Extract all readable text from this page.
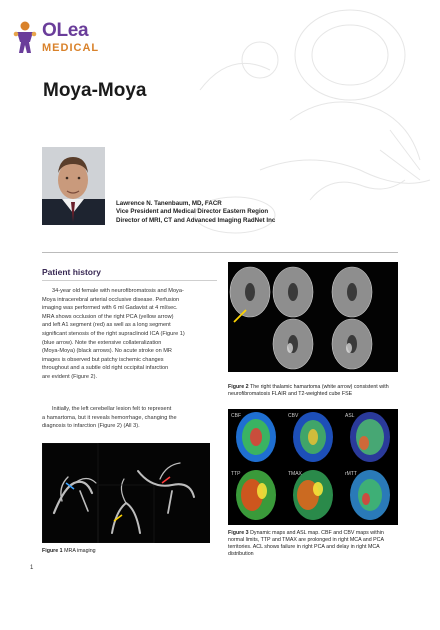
OLea
MEDICAL
Moya-Moya
Lawrence N. Tanenbaum, MD, FACR
Vice President and Medical Director Eastern Region
Director of MRI, CT and Advanced Imaging RadNet Inc
Patient history

34-year old female with neurofibromatosis and Moya-
Moya intracerebral arterial occlusive disease. Perfusion
imaging was performed with 6 ml Gadavist at 4 ml/sec.
MRA shows occlusion of the right PCA (yellow arrow)
and left A1 segment (red) as well as a long segment
significant stenosis of the right supraclinoid ICA (Figure 1)
(blue arrow). Note the extensive collateralization
(Moya-Moya) (black arrows). No acute stroke on MR
images is observed but patchy ischemic changes
throughout and a subtle old right occipital infarction
are evident (Figure 2).

Initially, the left cerebellar lesion felt to represent
a hamartoma, but it reveals hemorrhage, changing the
diagnosis to infarction (Figure 2) (All 3).

Figure 1 MRA imaging
Figure 2 The right thalamic hamartoma (white arrow) consistent with
neurofibromatosis FLAIR and T2-weighted cube FSE
CBF	CBV	ASL
TTP	TMAX	rMTT
Figure 3 Dynamic maps and ASL map. CBF and CBV maps within
normal limits, TTP and TMAX are prolonged in right MCA and PCA
territories. ACL shows failure in right PCA and delay in right MCA
distribution
1
